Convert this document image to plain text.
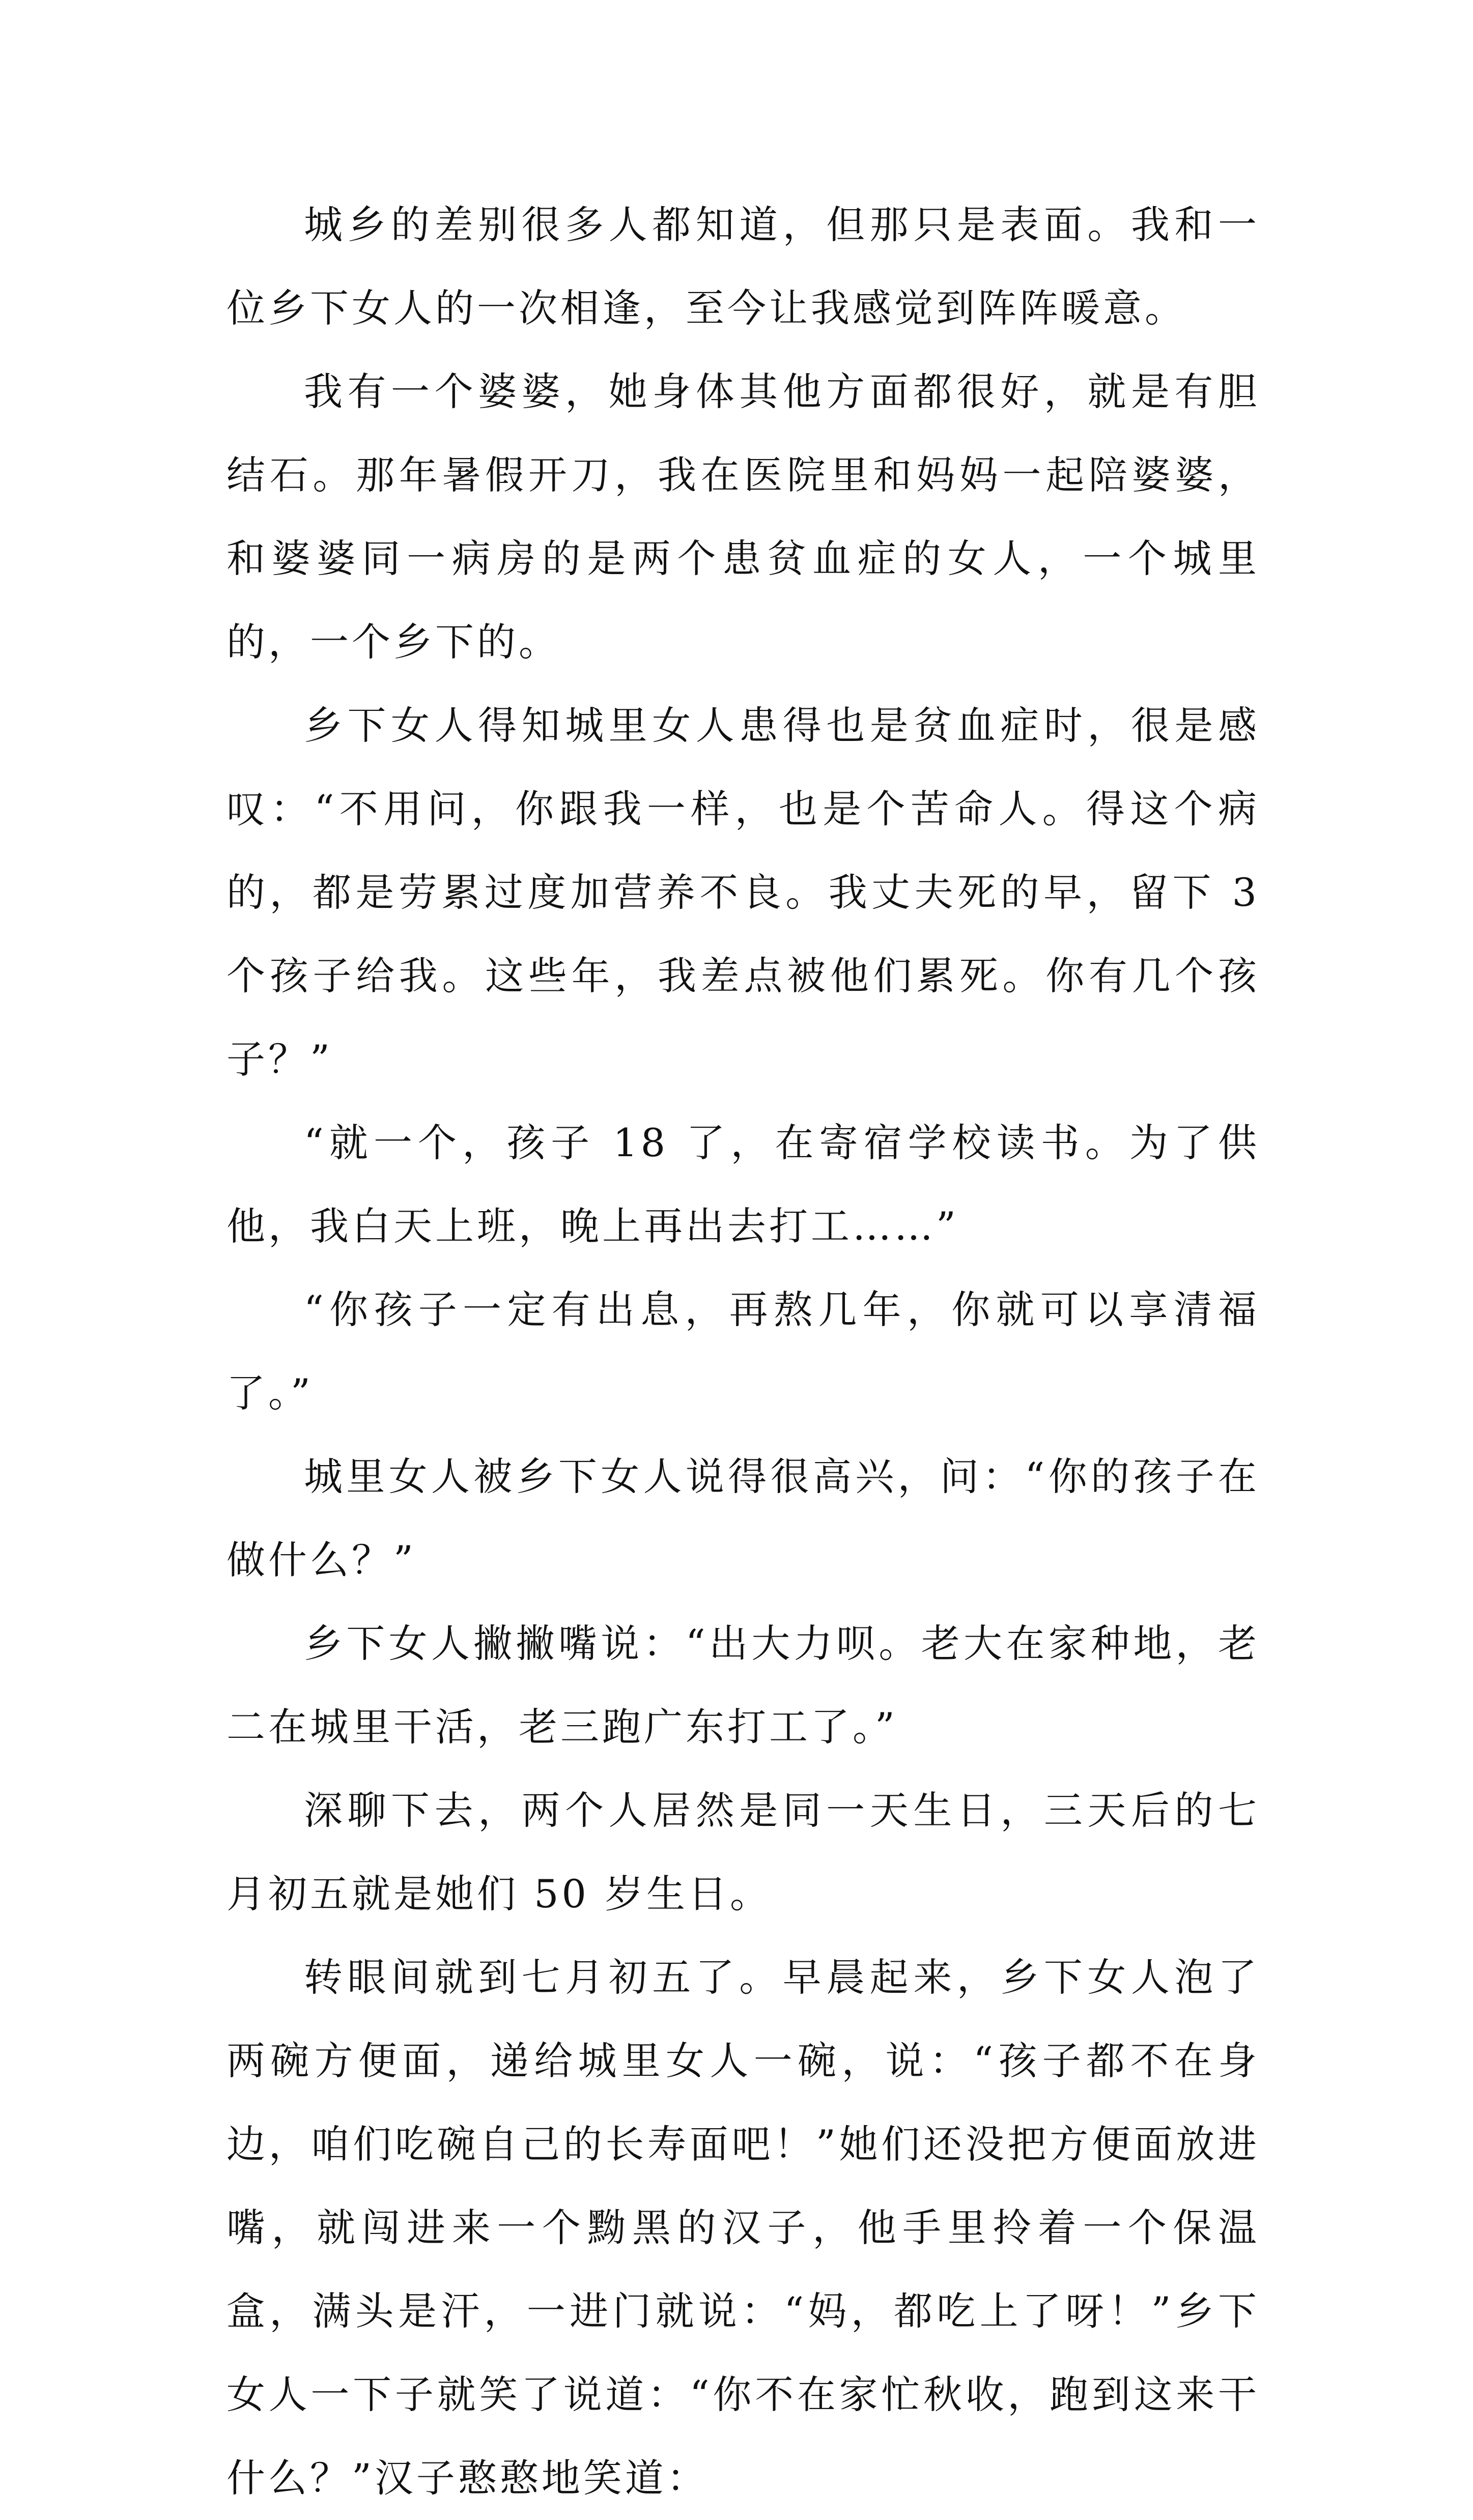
城乡的差别很多人都知道，但那只是表面。我和一位乡下女人的一次相逢，至今让我感觉到阵阵暖意。

我有一个婆婆，她身体其他方面都很好，就是有胆结石。那年暑假开刀，我在医院里和妈妈一起陪婆婆，和婆婆同一病房的是两个患贫血症的女人，一个城里的，一个乡下的。

乡下女人得知城里女人患得也是贫血症时，很是感叹：“不用问，你跟我一样，也是个苦命人。得这个病的，都是劳累过度加营养不良。我丈夫死的早，留下 3 个孩子给我。这些年，我差点被他们累死。你有几个孩子？”

“就一个，孩子 18 了，在寄宿学校读书。为了供他，我白天上班，晚上再出去打工……”

“你孩子一定有出息，再熬几年，你就可以享清福了。”

城里女人被乡下女人说得很高兴，问：“你的孩子在做什么？”

乡下女人撇撇嘴说：“出大力呗。老大在家种地，老二在城里干活，老三跑广东打工了。”

深聊下去，两个人居然是同一天生日，三天后的七月初五就是她们 50 岁生日。

转眼间就到七月初五了。早晨起来，乡下女人泡了两碗方便面，递给城里女人一碗，说：“孩子都不在身边，咱们吃碗自己的长寿面吧！”她们还没把方便面放进嘴，就闯进来一个黝黑的汉子，他手里拎着一个保温盒，满头是汗，一进门就说：“妈，都吃上了呀！”乡下女人一下子就笑了说道：“你不在家忙秋收，跑到这来干什么？”汉子憨憨地笑道：
